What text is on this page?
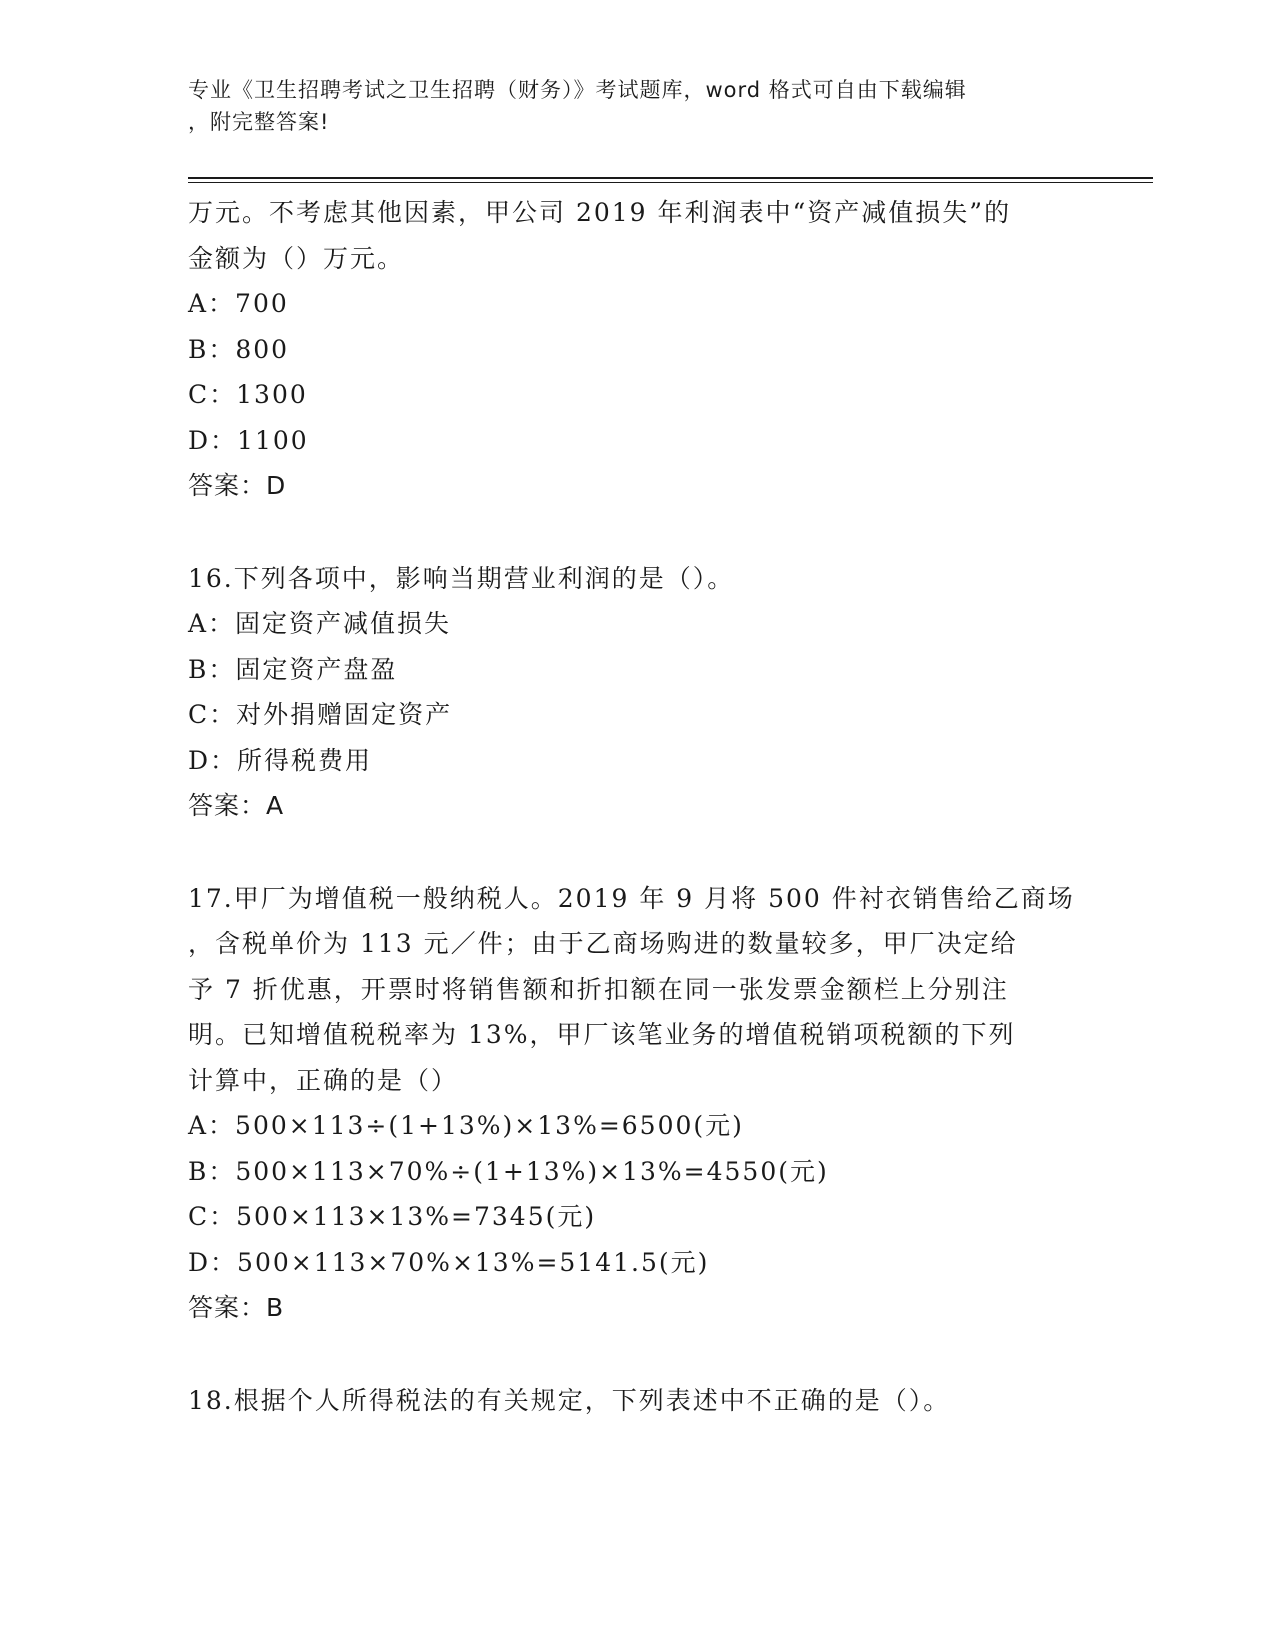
专业《卫生招聘考试之卫生招聘（财务）》考试题库，word 格式可自由下载编辑
，附完整答案!
万元。不考虑其他因素，甲公司 2019 年利润表中“资产减值损失”的
金额为（）万元。
A：700
B：800
C：1300
D：1100
答案：D
16.下列各项中，影响当期营业利润的是（）。
A：固定资产减值损失
B：固定资产盘盈
C：对外捐赠固定资产
D：所得税费用
答案：A
17.甲厂为增值税一般纳税人。2019 年 9 月将 500 件衬衣销售给乙商场
，含税单价为 113 元／件；由于乙商场购进的数量较多，甲厂决定给
予 7 折优惠，开票时将销售额和折扣额在同一张发票金额栏上分别注
明。已知增值税税率为 13%，甲厂该笔业务的增值税销项税额的下列
计算中，正确的是（）
A：500×113÷(1+13%)×13%=6500(元)
B：500×113×70%÷(1+13%)×13%=4550(元)
C：500×113×13%=7345(元)
D：500×113×70%×13%=5141.5(元)
答案：B
18.根据个人所得税法的有关规定，下列表述中不正确的是（）。
